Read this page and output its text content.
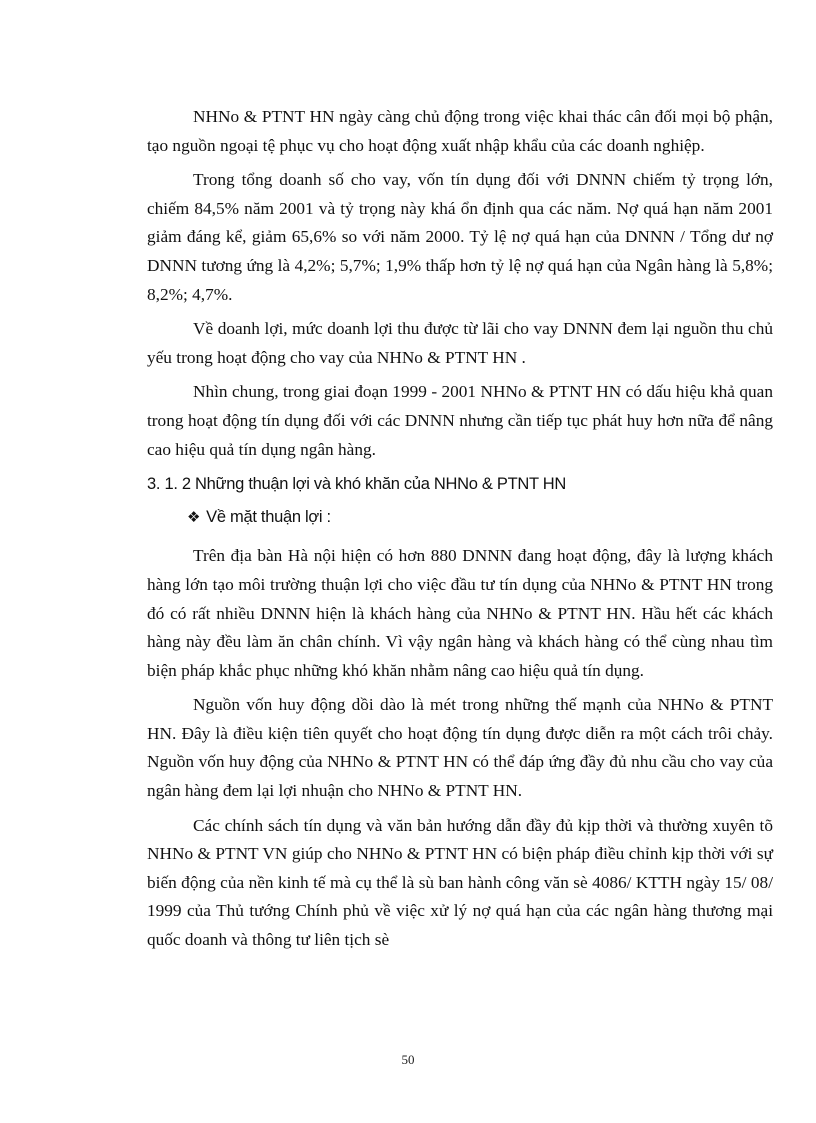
NHNo & PTNT HN ngày càng chủ động trong việc khai thác cân đối mọi bộ phận, tạo nguồn ngoại tệ phục vụ cho hoạt động xuất nhập khẩu của các doanh nghiệp.

Trong tổng doanh số cho vay, vốn tín dụng đối với DNNN chiếm tỷ trọng lớn, chiếm 84,5% năm 2001 và tỷ trọng này khá ổn định qua các năm. Nợ quá hạn năm 2001 giảm đáng kể, giảm 65,6% so với năm 2000. Tỷ lệ nợ quá hạn của DNNN / Tổng dư nợ DNNN tương ứng là 4,2%; 5,7%; 1,9% thấp hơn tỷ lệ nợ quá hạn của Ngân hàng là 5,8%; 8,2%; 4,7%.

Về doanh lợi, mức doanh lợi thu được từ lãi cho vay DNNN đem lại nguồn thu chủ yếu trong hoạt động cho vay của NHNo & PTNT HN .

Nhìn chung, trong giai đoạn 1999 - 2001 NHNo & PTNT HN có dấu hiệu khả quan trong hoạt động tín dụng đối với các DNNN nhưng cần tiếp tục phát huy hơn nữa để nâng cao hiệu quả tín dụng ngân hàng.

3. 1. 2 Những thuận lợi và khó khăn của NHNo & PTNT HN

❖ Về mặt thuận lợi :

Trên địa bàn Hà nội hiện có hơn 880 DNNN đang hoạt động, đây là lượng khách hàng lớn tạo môi trường thuận lợi cho việc đầu tư tín dụng của NHNo & PTNT HN trong đó có rất nhiều DNNN hiện là khách hàng của NHNo & PTNT HN. Hầu hết các khách hàng này đều làm ăn chân chính. Vì vậy ngân hàng và khách hàng có thể cùng nhau tìm biện pháp khắc phục những khó khăn nhằm nâng cao hiệu quả tín dụng.

Nguồn vốn huy động dồi dào là mét trong những thế mạnh của NHNo & PTNT HN. Đây là điều kiện tiên quyết cho hoạt động tín dụng được diễn ra một cách trôi chảy. Nguồn vốn huy động của NHNo & PTNT HN có thể đáp ứng đầy đủ nhu cầu cho vay của ngân hàng đem lại lợi nhuận cho NHNo & PTNT HN.

Các chính sách tín dụng và văn bản hướng dẫn đầy đủ kịp thời và thường xuyên tõ NHNo & PTNT VN giúp cho NHNo & PTNT HN có biện pháp điều chỉnh kịp thời với sự biến động của nền kinh tế mà cụ thể là sù ban hành công văn sè 4086/ KTTH ngày 15/ 08/ 1999 của Thủ tướng Chính phủ về việc xử lý nợ quá hạn của các ngân hàng thương mại quốc doanh và thông tư liên tịch sè

50
